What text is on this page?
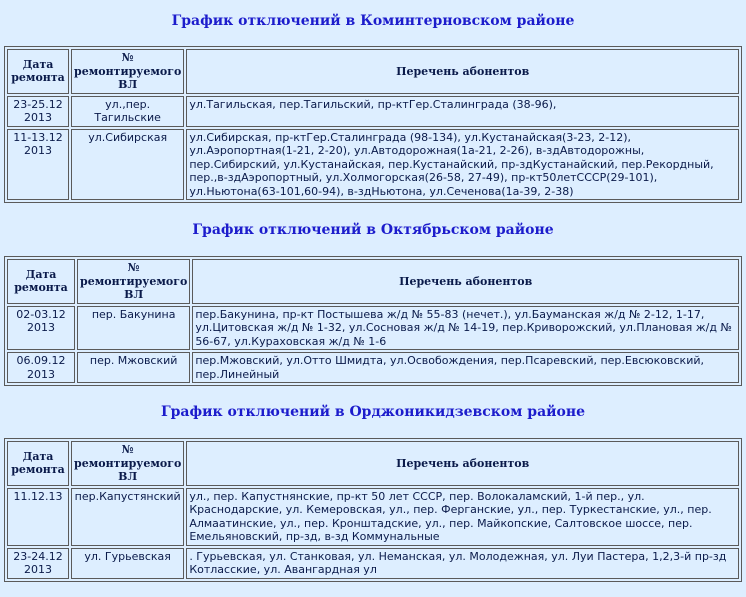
График отключений в Коминтерновском районе
Дата ремонта	№ ремонтируемого ВЛ	Перечень абонентов
23-25.12 2013	ул.,пер. Тагильские	ул.Тагильская, пер.Тагильский, пр-ктГер.Сталинграда (38-96),
11-13.12 2013	ул.Сибирская	ул.Сибирская, пр-ктГер.Сталинграда (98-134), ул.Кустанайская(3-23, 2-12), ул.Аэропортная(1-21, 2-20), ул.Автодорожная(1а-21, 2-26), в-здАвтодорожны, пер.Сибирский, ул.Кустанайская, пер.Кустанайский, пр-здКустанайский, пер.Рекордный, пер.,в-здАэропортный, ул.Холмогорская(26-58, 27-49), пр-кт50летСССР(29-101), ул.Ньютона(63-101,60-94), в-здНьютона, ул.Сеченова(1а-39, 2-38)
График отключений в Октябрьском районе
Дата ремонта	№ ремонтируемого ВЛ	Перечень абонентов
02-03.12 2013	пер. Бакунина	пер.Бакунина, пр-кт Постышева ж/д № 55-83 (нечет.), ул.Бауманская ж/д № 2-12, 1-17, ул.Цитовская ж/д № 1-32, ул.Сосновая ж/д № 14-19, пер.Криворожский, ул.Плановая ж/д № 56-67, ул.Кураховская ж/д № 1-6
06.09.12 2013	пер. Мжовский	пер.Мжовский, ул.Отто Шмидта, ул.Освобождения, пер.Псаревский, пер.Евсюковский, пер.Линейный
График отключений в Орджоникидзевском районе
Дата ремонта	№ ремонтируемого ВЛ	Перечень абонентов
11.12.13	пер.Капустянский	ул., пер. Капустнянские, пр-кт 50 лет СССР, пер. Волокаламский, 1-й пер., ул. Краснодарские, ул. Кемеровская, ул., пер. Ферганские, ул., пер. Туркестанские, ул., пер. Алмаатинские, ул., пер. Кронштадские, ул., пер. Майкопские, Салтовское шоссе, пер. Емельяновский, пр-зд, в-зд Коммунальные
23-24.12 2013	ул. Гурьевская	. Гурьевская, ул. Станковая, ул. Неманская, ул. Молодежная, ул. Луи Пастера, 1,2,3-й пр-зд Котласские, ул. Авангардная ул
